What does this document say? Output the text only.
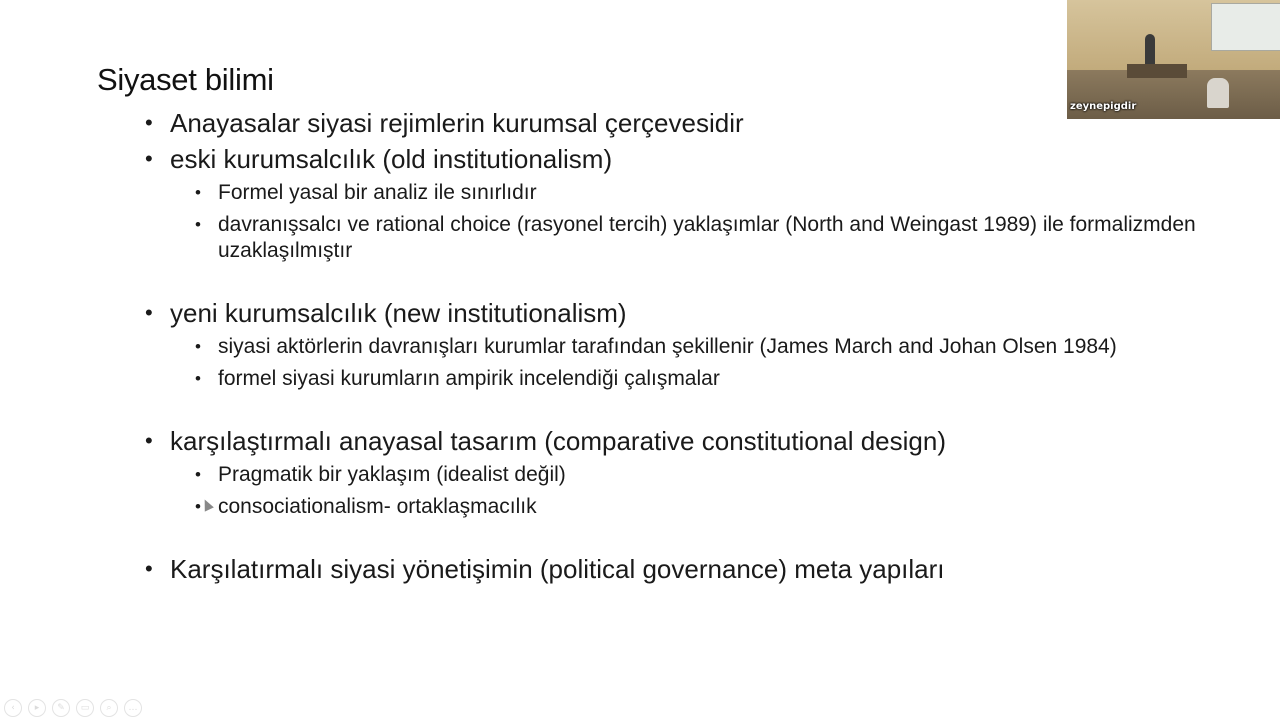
Siyaset bilimi
• Anayasalar siyasi rejimlerin kurumsal çerçevesidir
• eski kurumsalcılık (old institutionalism)
• Formel yasal bir analiz ile sınırlıdır
• davranışsalcı ve rational choice (rasyonel tercih) yaklaşımlar (North and Weingast 1989) ile formalizmden uzaklaşılmıştır
• yeni kurumsalcılık (new institutionalism)
• siyasi aktörlerin davranışları kurumlar tarafından şekillenir (James March and Johan Olsen 1984)
• formel siyasi kurumların ampirik incelendiği çalışmalar
• karşılaştırmalı anayasal tasarım (comparative constitutional design)
• Pragmatik bir yaklaşım (idealist değil)
• consociationalism- ortaklaşmacılık
• Karşılatırmalı siyasi yönetişimin (political governance) meta yapıları
zeynepigdir
‹	▸	✎	▭	⌕	…
